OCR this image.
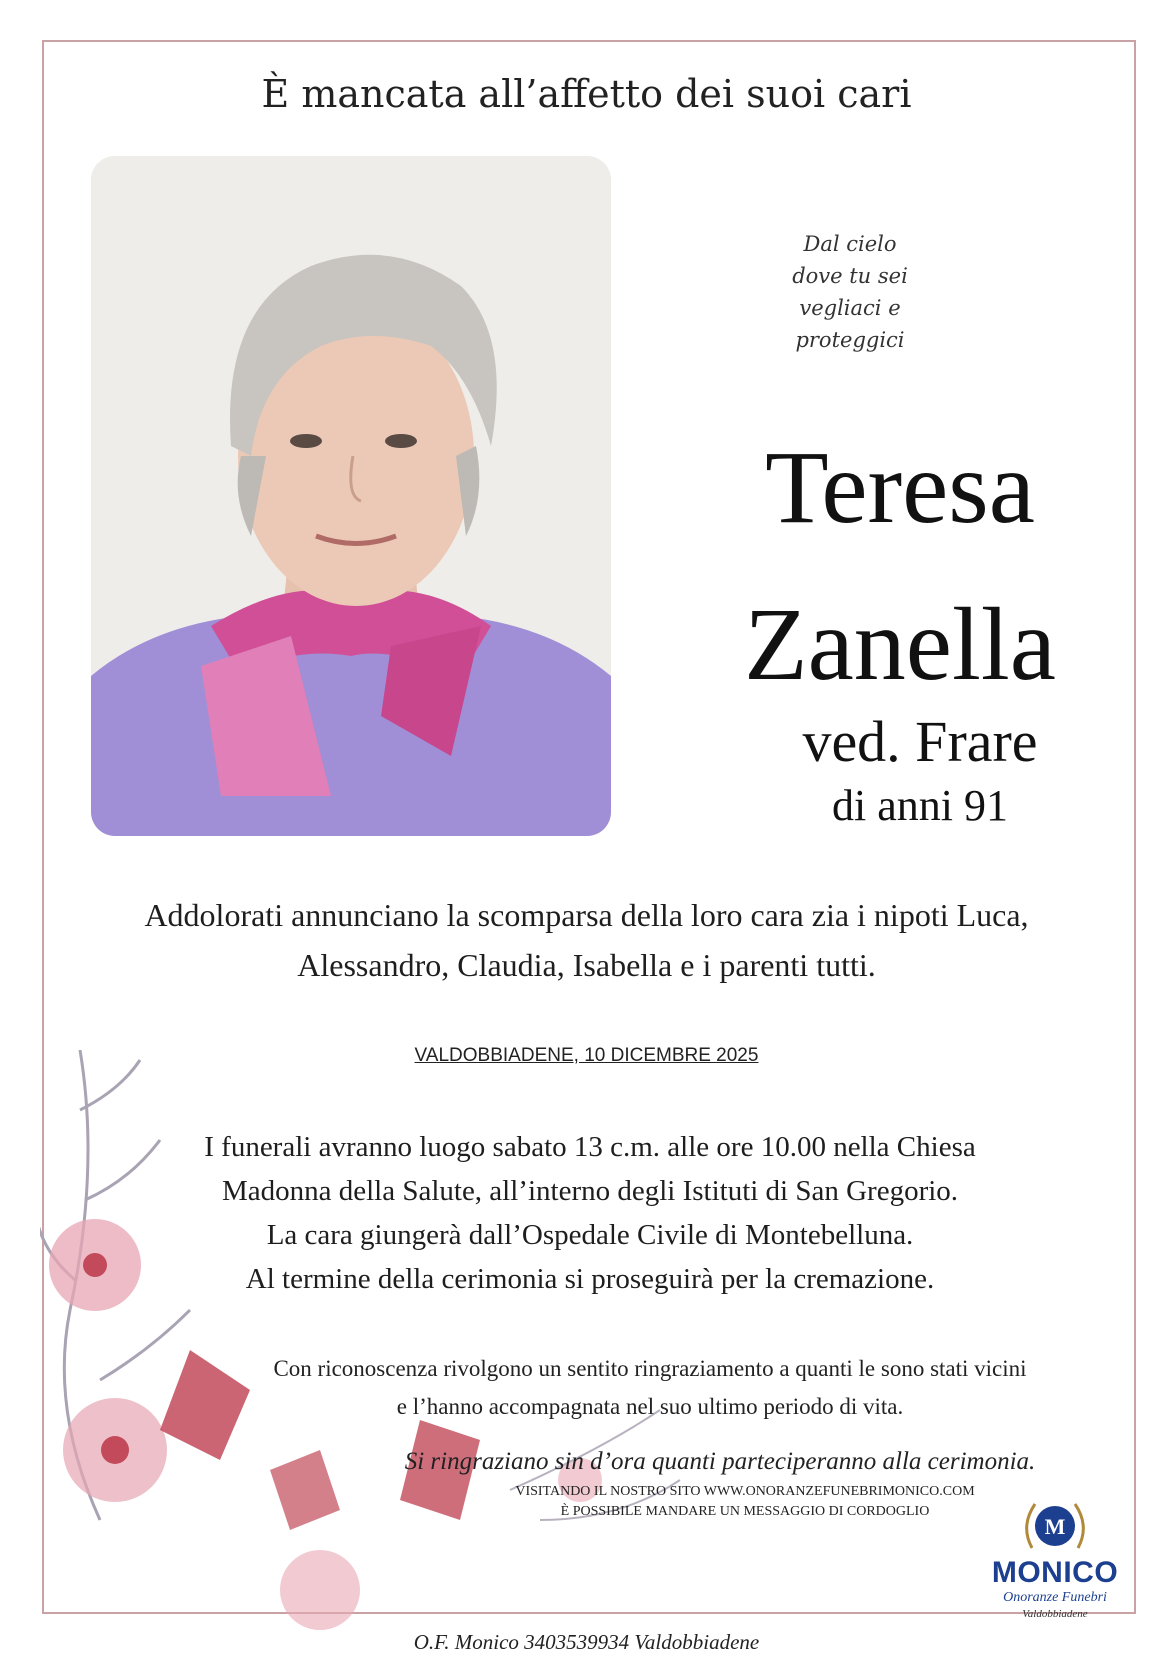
È mancata all’affetto dei suoi cari
Dal cielo
dove tu sei
vegliaci e
proteggici
Teresa
Zanella
ved. Frare
di anni 91
Addolorati annunciano la scomparsa della loro cara zia i nipoti Luca,
Alessandro, Claudia, Isabella e i parenti tutti.
VALDOBBIADENE, 10 DICEMBRE 2025
I funerali avranno luogo sabato 13 c.m. alle ore 10.00 nella Chiesa
Madonna della Salute, all’interno degli Istituti di San Gregorio.
La cara giungerà dall’Ospedale Civile di Montebelluna.
Al termine della cerimonia si proseguirà per la cremazione.
Con riconoscenza rivolgono un sentito ringraziamento a quanti le sono stati vicini
e l’hanno accompagnata nel suo ultimo periodo di vita.
Si ringraziano sin d’ora quanti parteciperanno alla cerimonia.
VISITANDO IL NOSTRO SITO WWW.ONORANZEFUNEBRIMONICO.COM
È POSSIBILE MANDARE UN MESSAGGIO DI CORDOGLIO
M
MONICO
Onoranze Funebri
Valdobbiadene
O.F. Monico 3403539934 Valdobbiadene
